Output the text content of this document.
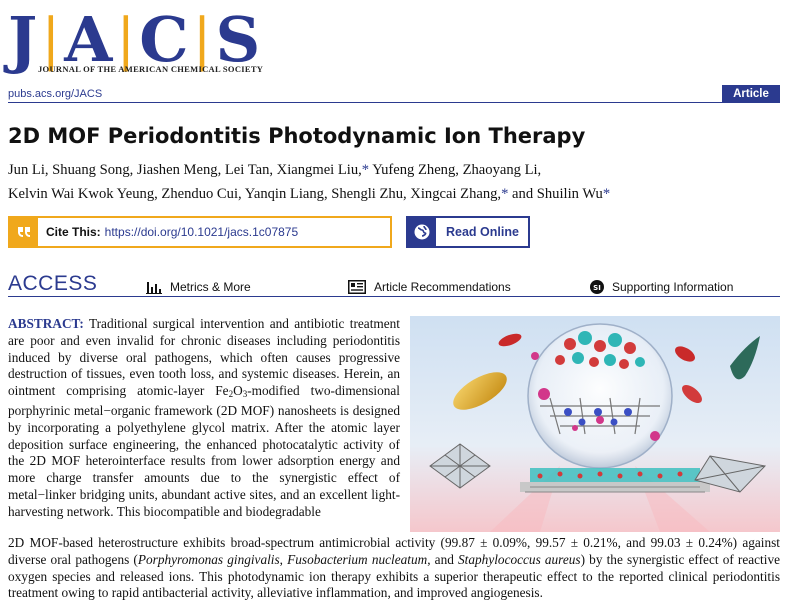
J | A | C | S
JOURNAL OF THE AMERICAN CHEMICAL SOCIETY
pubs.acs.org/JACS	Article
2D MOF Periodontitis Photodynamic Ion Therapy
Jun Li, Shuang Song, Jiashen Meng, Lei Tan, Xiangmei Liu,* Yufeng Zheng, Zhaoyang Li,
Kelvin Wai Kwok Yeung, Zhenduo Cui, Yanqin Liang, Shengli Zhu, Xingcai Zhang,* and Shuilin Wu*
Cite This: https://doi.org/10.1021/jacs.1c07875	Read Online
ACCESS	Metrics & More	Article Recommendations	SI Supporting Information
ABSTRACT: Traditional surgical intervention and antibiotic treatment are poor and even invalid for chronic diseases including periodontitis induced by diverse oral pathogens, which often causes progressive destruction of tissues, even tooth loss, and systemic diseases. Herein, an ointment comprising atomic-layer $Fe_2O_3$-modified two-dimensional porphyrinic metal−organic framework (2D MOF) nanosheets is designed by incorporating a polyethylene glycol matrix. After the atomic layer deposition surface engineering, the enhanced photocatalytic activity of the 2D MOF heterointerface results from lower adsorption energy and more charge transfer amounts due to the synergistic effect of metal−linker bridging units, abundant active sites, and an excellent light-harvesting network. This biocompatible and biodegradable
2D MOF-based heterostructure exhibits broad-spectrum antimicrobial activity (99.87 ± 0.09%, 99.57 ± 0.21%, and 99.03 ± 0.24%) against diverse oral pathogens (Porphyromonas gingivalis, Fusobacterium nucleatum, and Staphylococcus aureus) by the synergistic effect of reactive oxygen species and released ions. This photodynamic ion therapy exhibits a superior therapeutic effect to the reported clinical periodontitis treatment owing to rapid antibacterial activity, alleviative inflammation, and improved angiogenesis.
